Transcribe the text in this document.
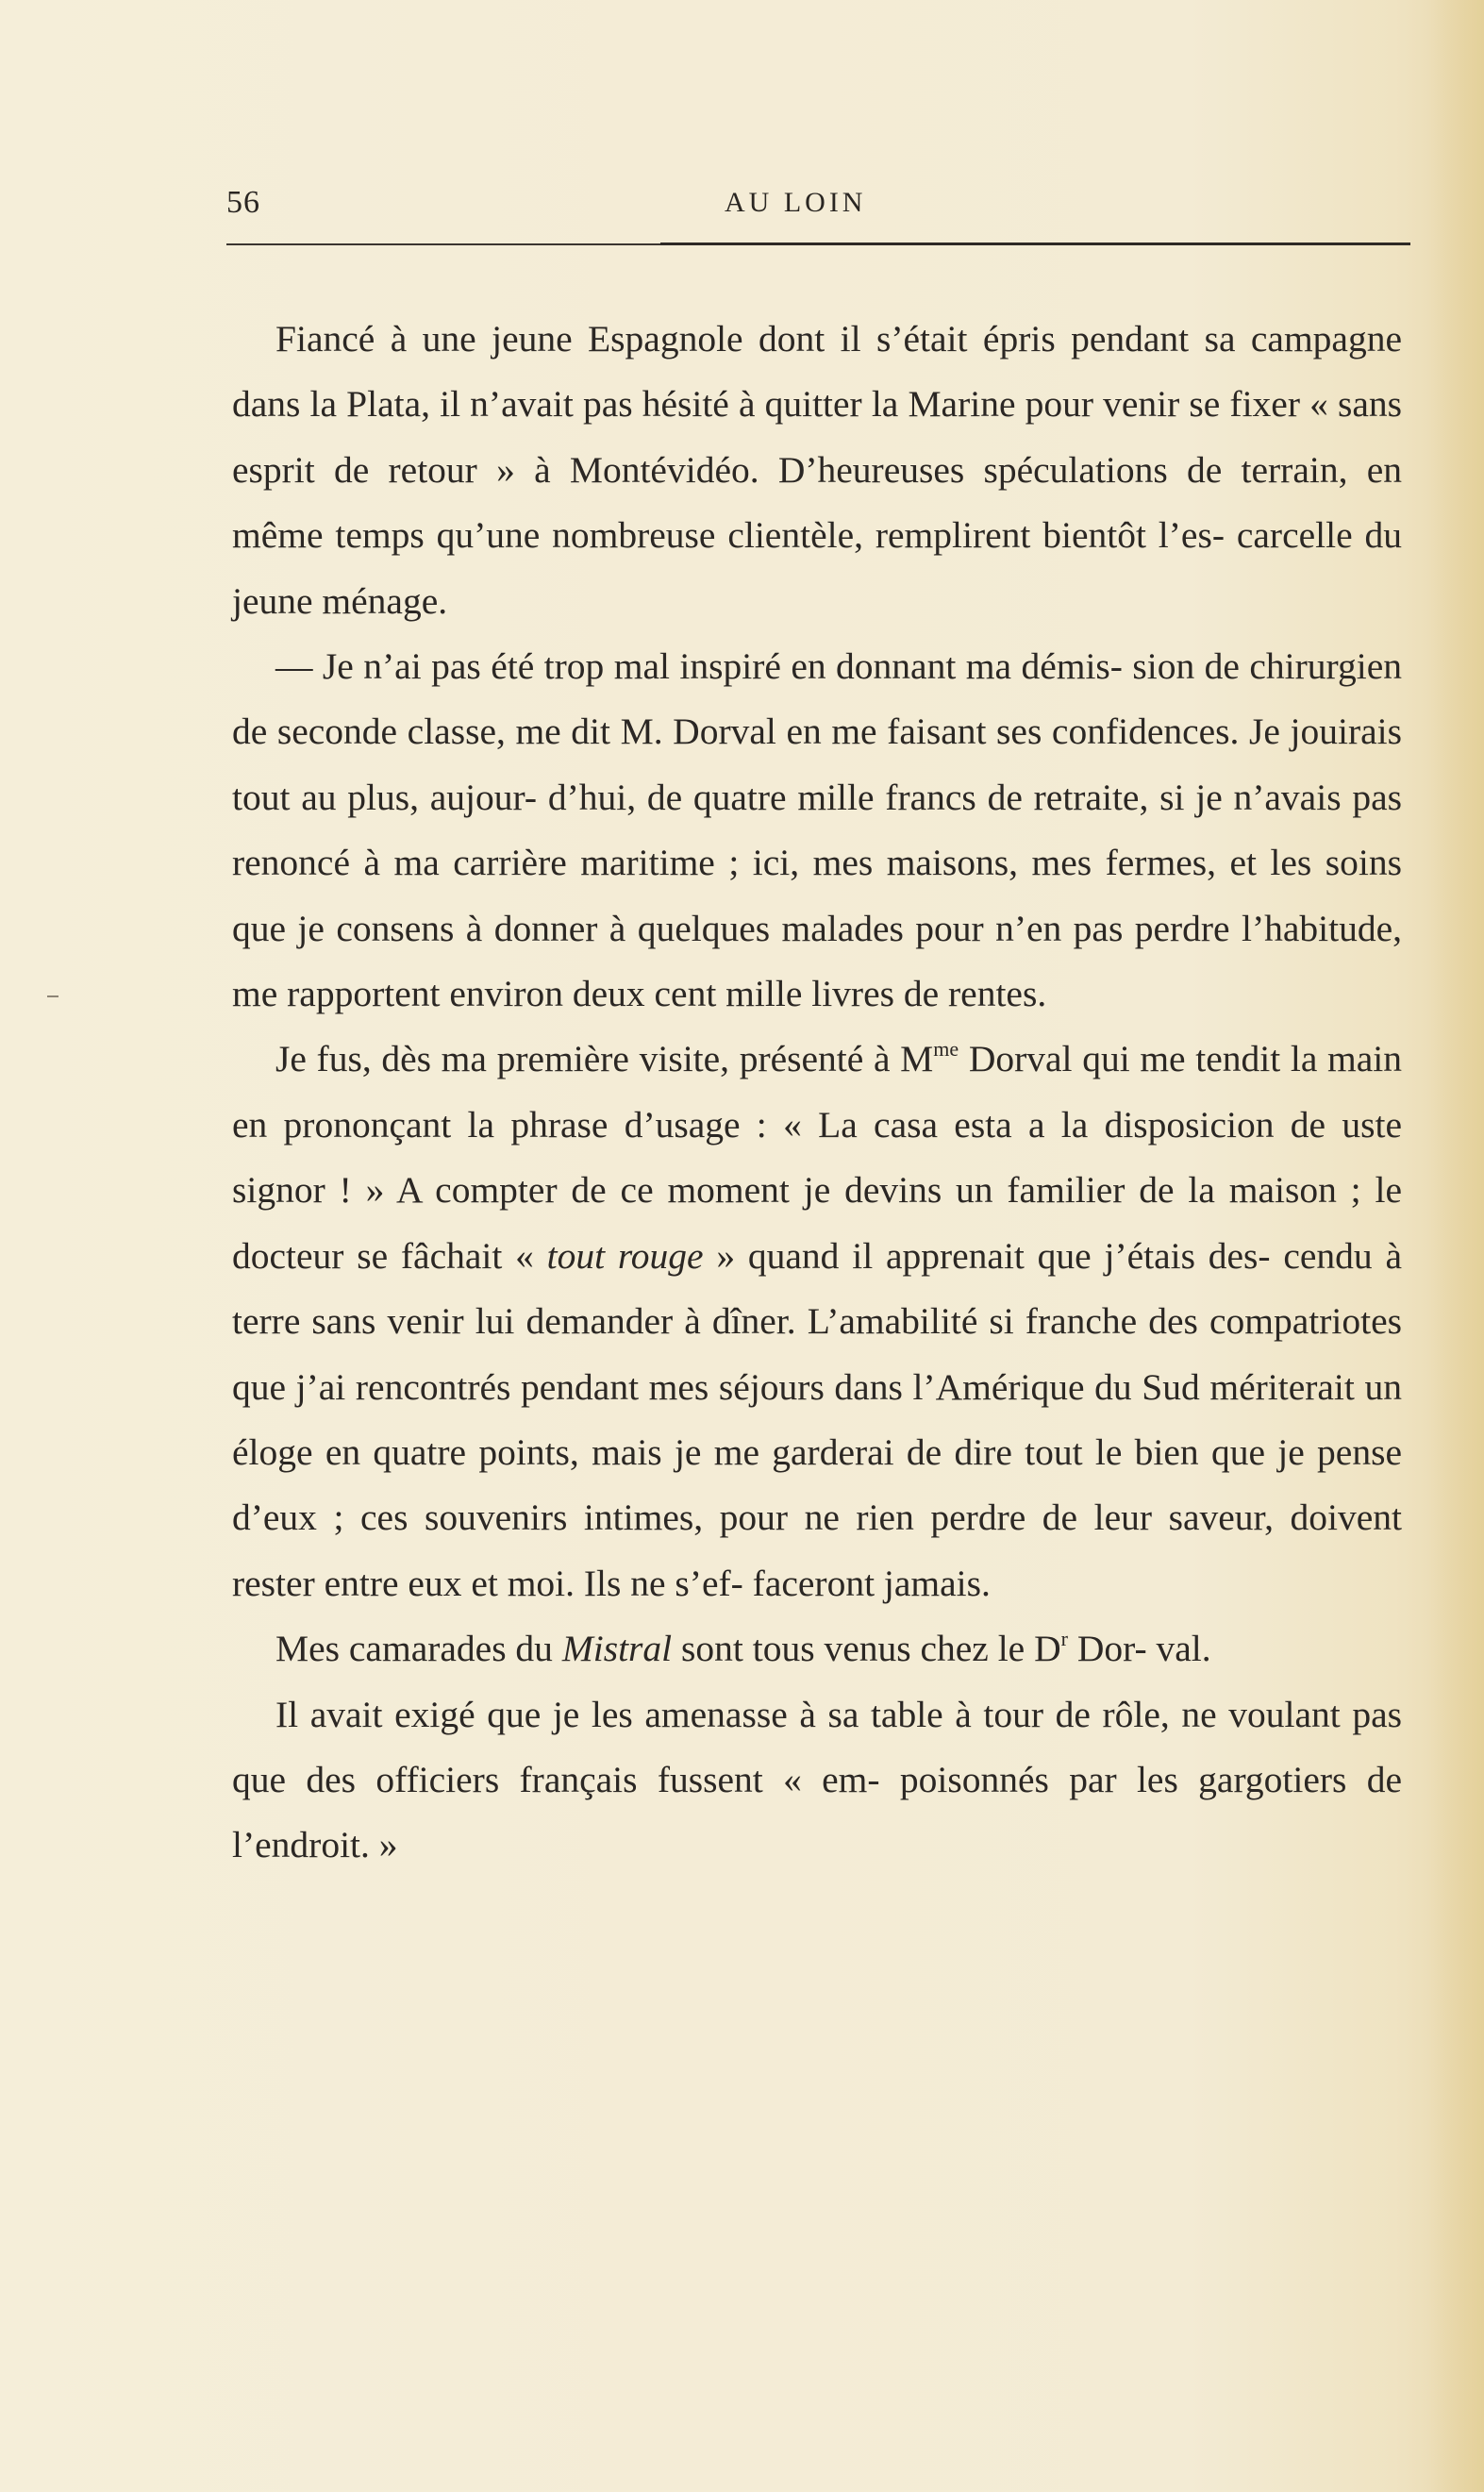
56	AU LOIN

Fiancé à une jeune Espagnole dont il s’était épris pendant sa campagne dans la Plata, il n’avait pas hésité à quitter la Marine pour venir se fixer « sans esprit de retour » à Montévidéo. D’heureuses spéculations de terrain, en même temps qu’une nombreuse clientèle, remplirent bientôt l’es- carcelle du jeune ménage.

— Je n’ai pas été trop mal inspiré en donnant ma démis- sion de chirurgien de seconde classe, me dit M. Dorval en me faisant ses confidences. Je jouirais tout au plus, aujour- d’hui, de quatre mille francs de retraite, si je n’avais pas renoncé à ma carrière maritime ; ici, mes maisons, mes fermes, et les soins que je consens à donner à quelques malades pour n’en pas perdre l’habitude, me rapportent environ deux cent mille livres de rentes.

Je fus, dès ma première visite, présenté à $M^{me}$ Dorval qui me tendit la main en prononçant la phrase d’usage : « La casa esta a la disposicion de uste signor ! » A compter de ce moment je devins un familier de la maison ; le docteur se fâchait « tout rouge » quand il apprenait que j’étais des- cendu à terre sans venir lui demander à dîner. L’amabilité si franche des compatriotes que j’ai rencontrés pendant mes séjours dans l’Amérique du Sud mériterait un éloge en quatre points, mais je me garderai de dire tout le bien que je pense d’eux ; ces souvenirs intimes, pour ne rien perdre de leur saveur, doivent rester entre eux et moi. Ils ne s’ef- faceront jamais.

Mes camarades du Mistral sont tous venus chez le $D^r$ Dor- val.

Il avait exigé que je les amenasse à sa table à tour de rôle, ne voulant pas que des officiers français fussent « em- poisonnés par les gargotiers de l’endroit. »
